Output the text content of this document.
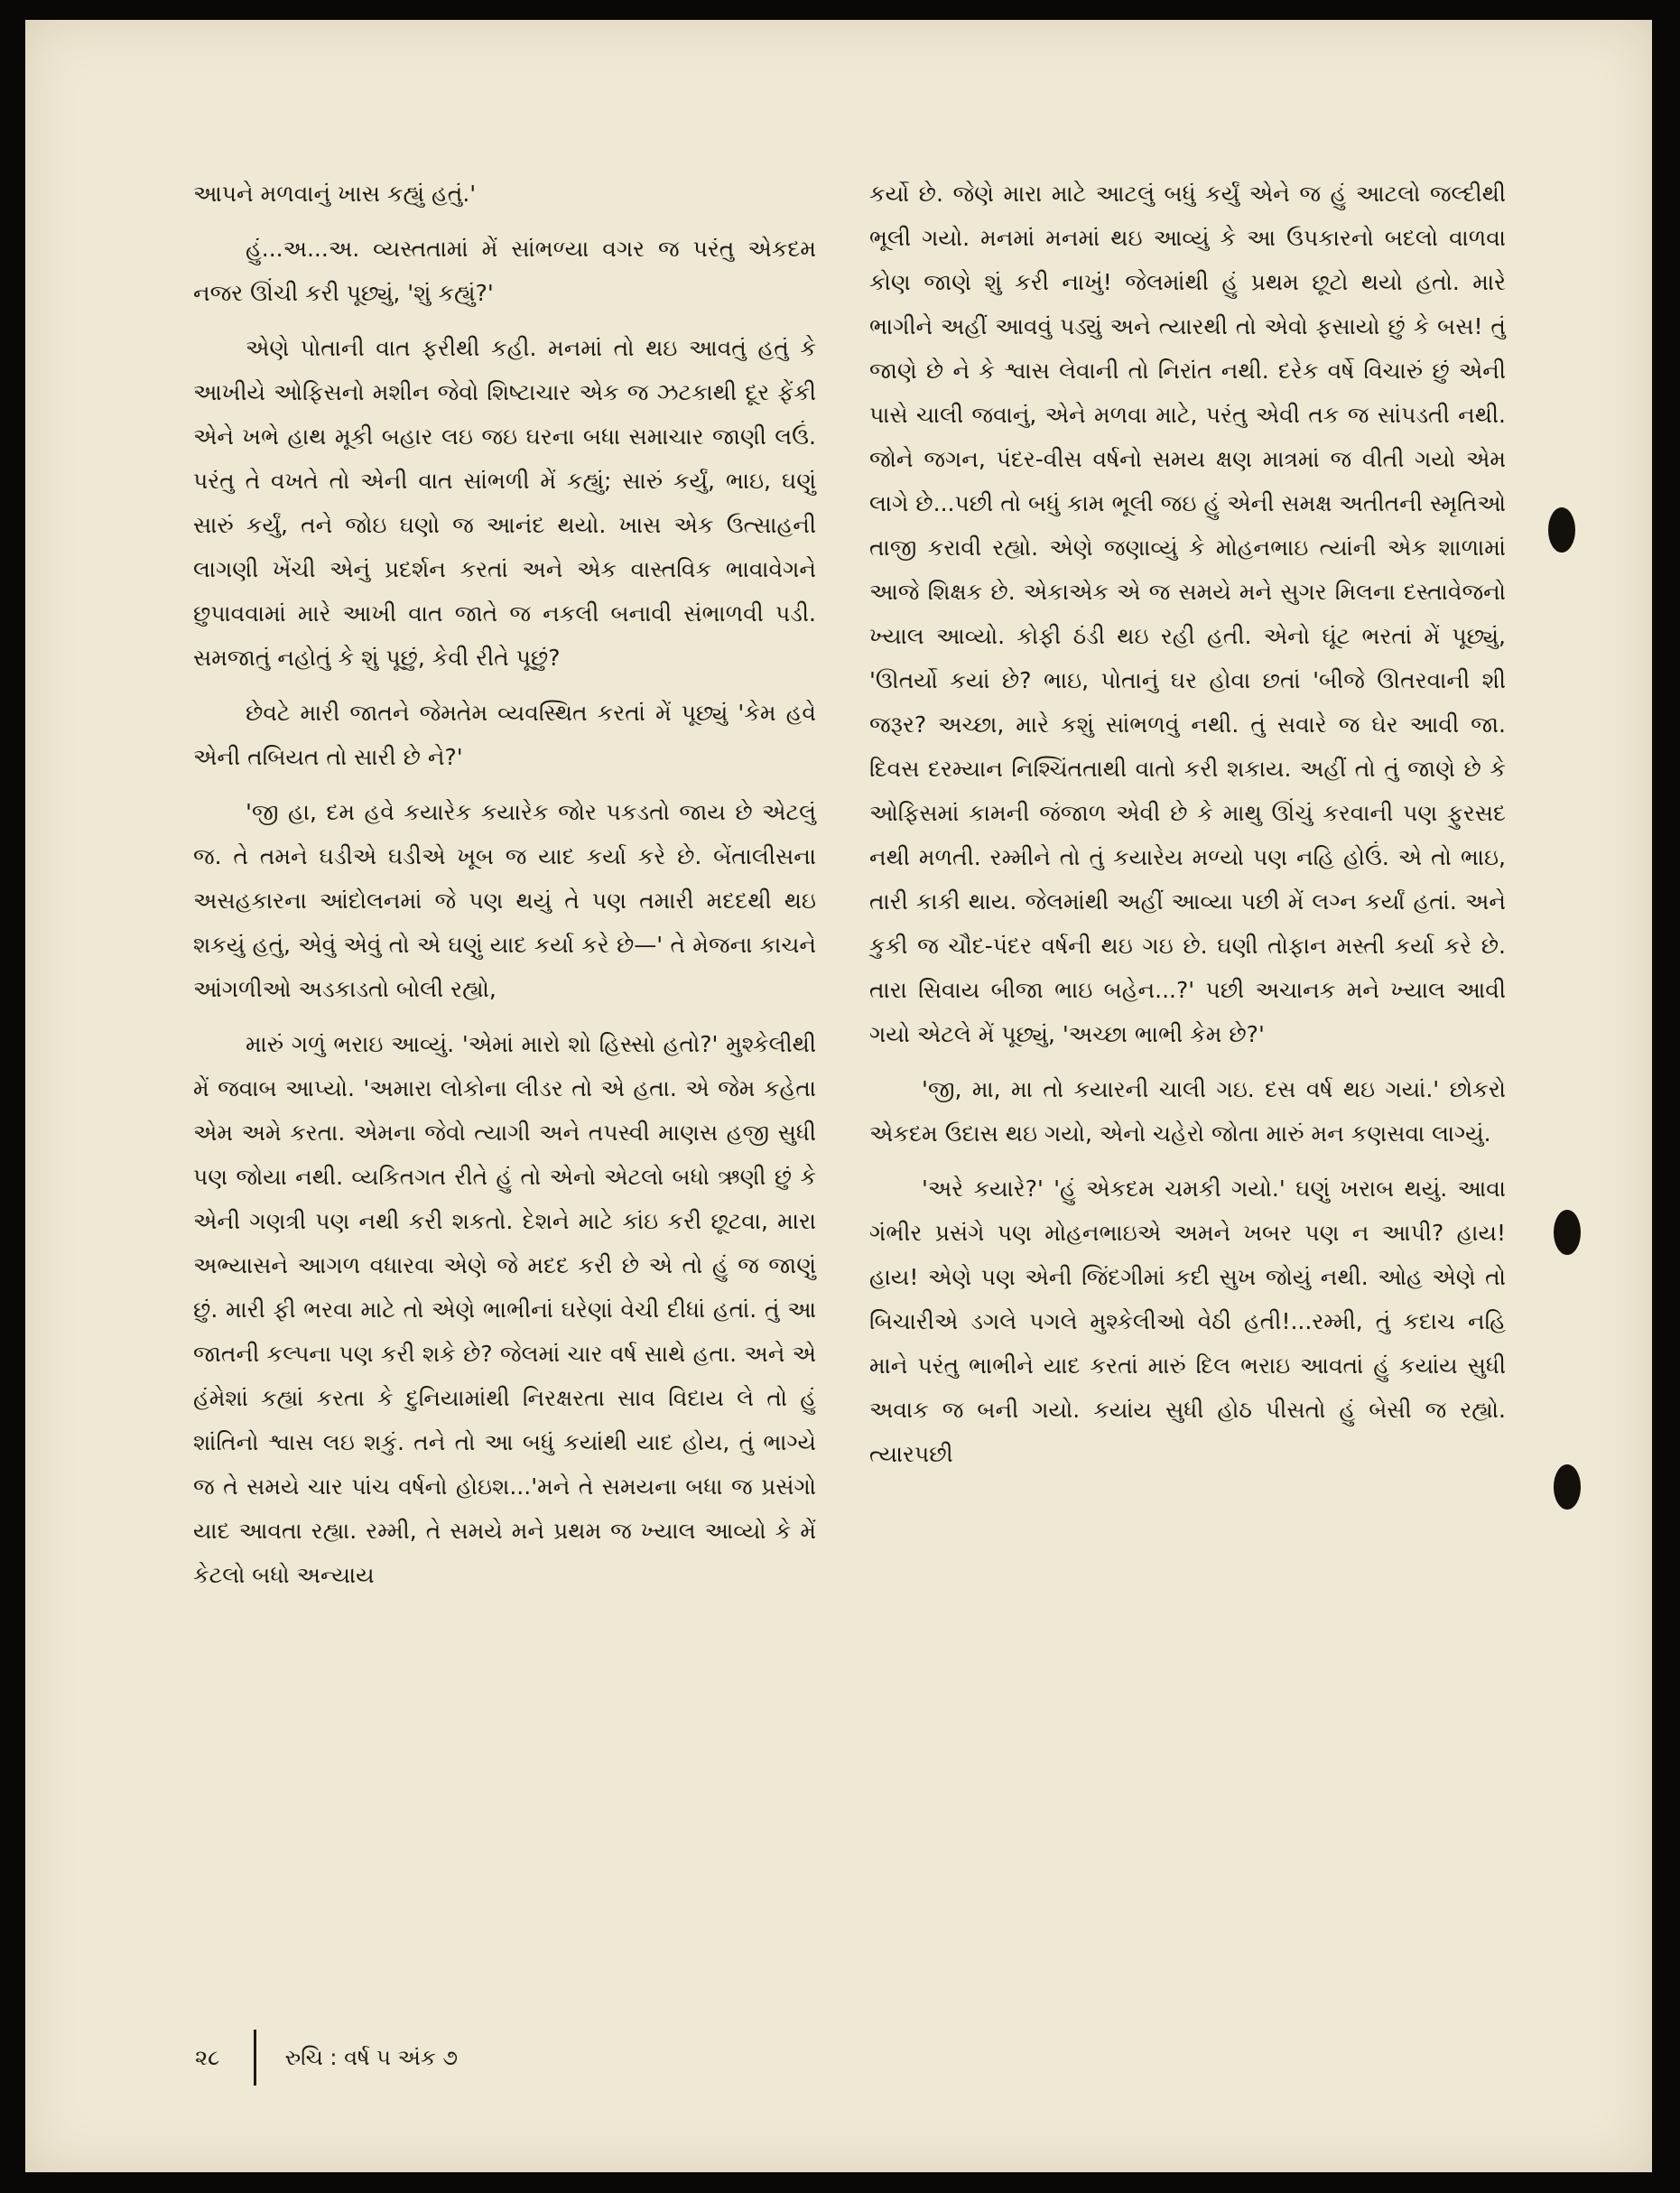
આપને મળવાનું ખાસ કહ્યું હતું.'

હું...અ...અ. વ્યસ્તતામાં મેં સાંભળ્યા વગર જ પરંતુ એકદમ નજર ઊંચી કરી પૂછ્યું, 'શું કહ્યું?'

એણે પોતાની વાત ફરીથી કહી. મનમાં તો થઇ આવતું હતું કે આખીયે ઓફિસનો મશીન જેવો શિષ્ટાચાર એક જ ઝટકાથી દૂર ફેંકી એને ખભે હાથ મૂકી બહાર લઇ જઇ ઘરના બધા સમાચાર જાણી લઉં. પરંતુ તે વખતે તો એની વાત સાંભળી મેં કહ્યું; સારું કર્યું, ભાઇ, ઘણું સારું કર્યું, તને જોઇ ઘણો જ આનંદ થયો. ખાસ એક ઉત્સાહની લાગણી ખેંચી એનું પ્રદર્શન કરતાં અને એક વાસ્તવિક ભાવાવેગને છુપાવવામાં મારે આખી વાત જાતે જ નકલી બનાવી સંભાળવી પડી. સમજાતું નહોતું કે શું પૂછું, કેવી રીતે પૂછું?

છેવટે મારી જાતને જેમતેમ વ્યવસ્થિત કરતાં મેં પૂછ્યું 'કેમ હવે એની તબિયત તો સારી છે ને?'

'જી હા, દમ હવે કયારેક કયારેક જોર પકડતો જાય છે એટલું જ. તે તમને ઘડીએ ઘડીએ ખૂબ જ યાદ કર્યા કરે છે. બેંતાલીસના અસહકારના આંદોલનમાં જે પણ થયું તે પણ તમારી મદદથી થઇ શકયું હતું, એવું એવું તો એ ઘણું યાદ કર્યા કરે છે—' તે મેજના કાચને આંગળીઓ અડકાડતો બોલી રહ્યો,

મારું ગળું ભરાઇ આવ્યું. 'એમાં મારો શો હિસ્સો હતો?' મુશ્કેલીથી મેં જવાબ આપ્યો. 'અમારા લોકોના લીડર તો એ હતા. એ જેમ કહેતા એમ અમે કરતા. એમના જેવો ત્યાગી અને તપસ્વી માણસ હજી સુધી પણ જોયા નથી. વ્યકિતગત રીતે હું તો એનો એટલો બધો ઋણી છું કે એની ગણત્રી પણ નથી કરી શકતો. દેશને માટે કાંઇ કરી છૂટવા, મારા અભ્યાસને આગળ વધારવા એણે જે મદદ કરી છે એ તો હું જ જાણું છું. મારી ફી ભરવા માટે તો એણે ભાભીનાં ઘરેણાં વેચી દીધાં હતાં. તું આ જાતની કલ્પના પણ કરી શકે છે? જેલમાં ચાર વર્ષ સાથે હતા. અને એ હંમેશાં કહ્યાં કરતા કે દુનિયામાંથી નિરક્ષરતા સાવ વિદાય લે તો હું શાંતિનો શ્વાસ લઇ શકું. તને તો આ બધું કયાંથી યાદ હોય, તું ભાગ્યે જ તે સમયે ચાર પાંચ વર્ષનો હોઇશ...'મને તે સમયના બધા જ પ્રસંગો યાદ આવતા રહ્યા. રમ્મી, તે સમયે મને પ્રથમ જ ખ્યાલ આવ્યો કે મેં કેટલો બધો અન્યાય

કર્યો છે. જેણે મારા માટે આટલું બધું કર્યું એને જ હું આટલો જલ્દીથી ભૂલી ગયો. મનમાં મનમાં થઇ આવ્યું કે આ ઉપકારનો બદલો વાળવા કોણ જાણે શું કરી નાખું! જેલમાંથી હું પ્રથમ છૂટો થયો હતો. મારે ભાગીને અહીં આવવું પડ્યું અને ત્યારથી તો એવો ફસાયો છું કે બસ! તું જાણે છે ને કે શ્વાસ લેવાની તો નિરાંત નથી. દરેક વર્ષે વિચારું છું એની પાસે ચાલી જવાનું, એને મળવા માટે, પરંતુ એવી તક જ સાંપડતી નથી. જોને જગન, પંદર-વીસ વર્ષનો સમય ક્ષણ માત્રમાં જ વીતી ગયો એમ લાગે છે...પછી તો બધું કામ ભૂલી જઇ હું એની સમક્ષ અતીતની સ્મૃતિઓ તાજી કરાવી રહ્યો. એણે જણાવ્યું કે મોહનભાઇ ત્યાંની એક શાળામાં આજે શિક્ષક છે. એકાએક એ જ સમયે મને સુગર મિલના દસ્તાવેજનો ખ્યાલ આવ્યો. કોફી ઠંડી થઇ રહી હતી. એનો ઘૂંટ ભરતાં મેં પૂછ્યું, 'ઊતર્યો કયાં છે? ભાઇ, પોતાનું ઘર હોવા છતાં 'બીજે ઊતરવાની શી જરૂર? અચ્છા, મારે કશું સાંભળવું નથી. તું સવારે જ ઘેર આવી જા. દિવસ દરમ્યાન નિશ્ચિંતતાથી વાતો કરી શકાય. અહીં તો તું જાણે છે કે ઓફિસમાં કામની જંજાળ એવી છે કે માથુ ઊંચું કરવાની પણ ફુરસદ નથી મળતી. રમ્મીને તો તું કયારેય મળ્યો પણ નહિ હોઉં. એ તો ભાઇ, તારી કાકી થાય. જેલમાંથી અહીં આવ્યા પછી મેં લગ્ન કર્યાં હતાં. અને કુકી જ ચૌદ-પંદર વર્ષની થઇ ગઇ છે. ઘણી તોફાન મસ્તી કર્યા કરે છે. તારા સિવાય બીજા ભાઇ બહેન...?' પછી અચાનક મને ખ્યાલ આવી ગયો એટલે મેં પૂછ્યું, 'અચ્છા ભાભી કેમ છે?'

'જી, મા, મા તો કયારની ચાલી ગઇ. દસ વર્ષ થઇ ગયાં.' છોકરો એકદમ ઉદાસ થઇ ગયો, એનો ચહેરો જોતા મારું મન કણસવા લાગ્યું.

'અરે કયારે?' 'હું એકદમ ચમકી ગયો.' ઘણું ખરાબ થયું. આવા ગંભીર પ્રસંગે પણ મોહનભાઇએ અમને ખબર પણ ન આપી? હાય! હાય! એણે પણ એની જિંદગીમાં કદી સુખ જોયું નથી. ઓહ એણે તો બિચારીએ ડગલે પગલે મુશ્કેલીઓ વેઠી હતી!...રમ્મી, તું કદાચ નહિ માને પરંતુ ભાભીને યાદ કરતાં મારું દિલ ભરાઇ આવતાં હું કયાંય સુધી અવાક જ બની ગયો. કયાંય સુધી હોઠ પીસતો હું બેસી જ રહ્યો. ત્યારપછી

૨૮	રુચિ : વર્ષ ૫ અંક ૭
